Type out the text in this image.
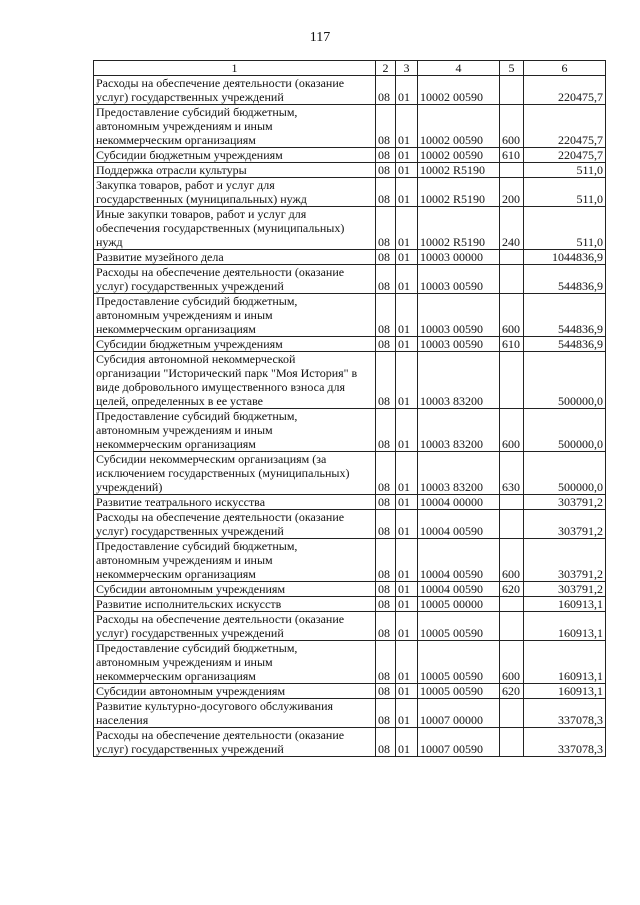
117
1	2	3	4	5	6
Расходы на обеспечение деятельности (оказание
услуг) государственных учреждений	08	01	10002 00590		220475,7
Предоставление субсидий бюджетным,
автономным учреждениям и иным
некоммерческим организациям	08	01	10002 00590	600	220475,7
Субсидии бюджетным учреждениям	08	01	10002 00590	610	220475,7
Поддержка отрасли культуры	08	01	10002 R5190		511,0
Закупка товаров, работ и услуг для
государственных (муниципальных) нужд	08	01	10002 R5190	200	511,0
Иные закупки товаров, работ и услуг для
обеспечения государственных (муниципальных)
нужд	08	01	10002 R5190	240	511,0
Развитие музейного дела	08	01	10003 00000		1044836,9
Расходы на обеспечение деятельности (оказание
услуг) государственных учреждений	08	01	10003 00590		544836,9
Предоставление субсидий бюджетным,
автономным учреждениям и иным
некоммерческим организациям	08	01	10003 00590	600	544836,9
Субсидии бюджетным учреждениям	08	01	10003 00590	610	544836,9
Субсидия автономной некоммерческой
организации "Исторический парк "Моя История" в
виде добровольного имущественного взноса для
целей, определенных в ее уставе	08	01	10003 83200		500000,0
Предоставление субсидий бюджетным,
автономным учреждениям и иным
некоммерческим организациям	08	01	10003 83200	600	500000,0
Субсидии некоммерческим организациям (за
исключением государственных (муниципальных)
учреждений)	08	01	10003 83200	630	500000,0
Развитие театрального искусства	08	01	10004 00000		303791,2
Расходы на обеспечение деятельности (оказание
услуг) государственных учреждений	08	01	10004 00590		303791,2
Предоставление субсидий бюджетным,
автономным учреждениям и иным
некоммерческим организациям	08	01	10004 00590	600	303791,2
Субсидии автономным учреждениям	08	01	10004 00590	620	303791,2
Развитие исполнительских искусств	08	01	10005 00000		160913,1
Расходы на обеспечение деятельности (оказание
услуг) государственных учреждений	08	01	10005 00590		160913,1
Предоставление субсидий бюджетным,
автономным учреждениям и иным
некоммерческим организациям	08	01	10005 00590	600	160913,1
Субсидии автономным учреждениям	08	01	10005 00590	620	160913,1
Развитие культурно-досугового обслуживания
населения	08	01	10007 00000		337078,3
Расходы на обеспечение деятельности (оказание
услуг) государственных учреждений	08	01	10007 00590		337078,3
